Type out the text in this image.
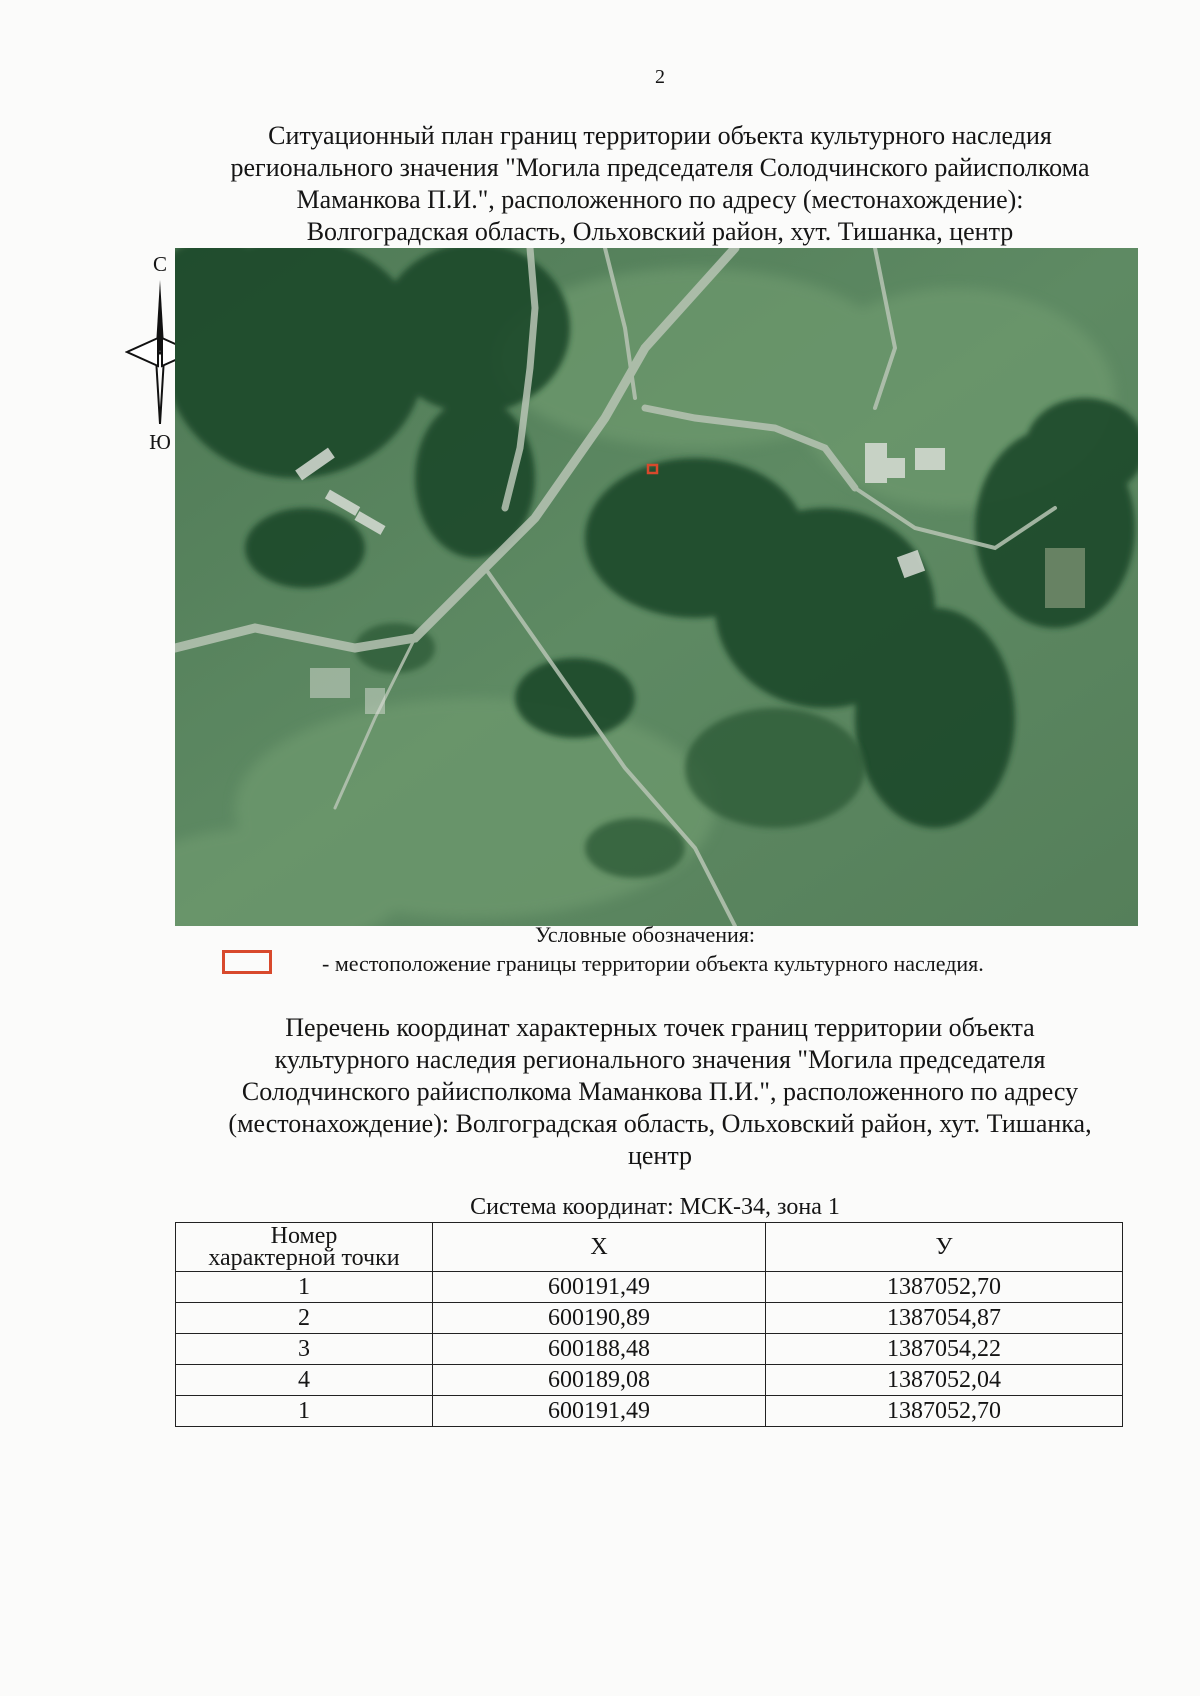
2
Ситуационный план границ территории объекта культурного наследия
регионального значения "Могила председателя Солодчинского райисполкома
Маманкова П.И.", расположенного по адресу (местонахождение):
Волгоградская область, Ольховский район, хут. Тишанка, центр
С
Ю
Условные обозначения:
- местоположение границы территории объекта культурного наследия.
Перечень координат характерных точек границ территории объекта
культурного наследия регионального значения "Могила председателя
Солодчинского райисполкома Маманкова П.И.", расположенного по адресу
(местонахождение): Волгоградская область, Ольховский район, хут. Тишанка,
центр
Система координат: МСК-34, зона 1
Номер
характерной точки	X	У
1	600191,49	1387052,70
2	600190,89	1387054,87
3	600188,48	1387054,22
4	600189,08	1387052,04
1	600191,49	1387052,70
